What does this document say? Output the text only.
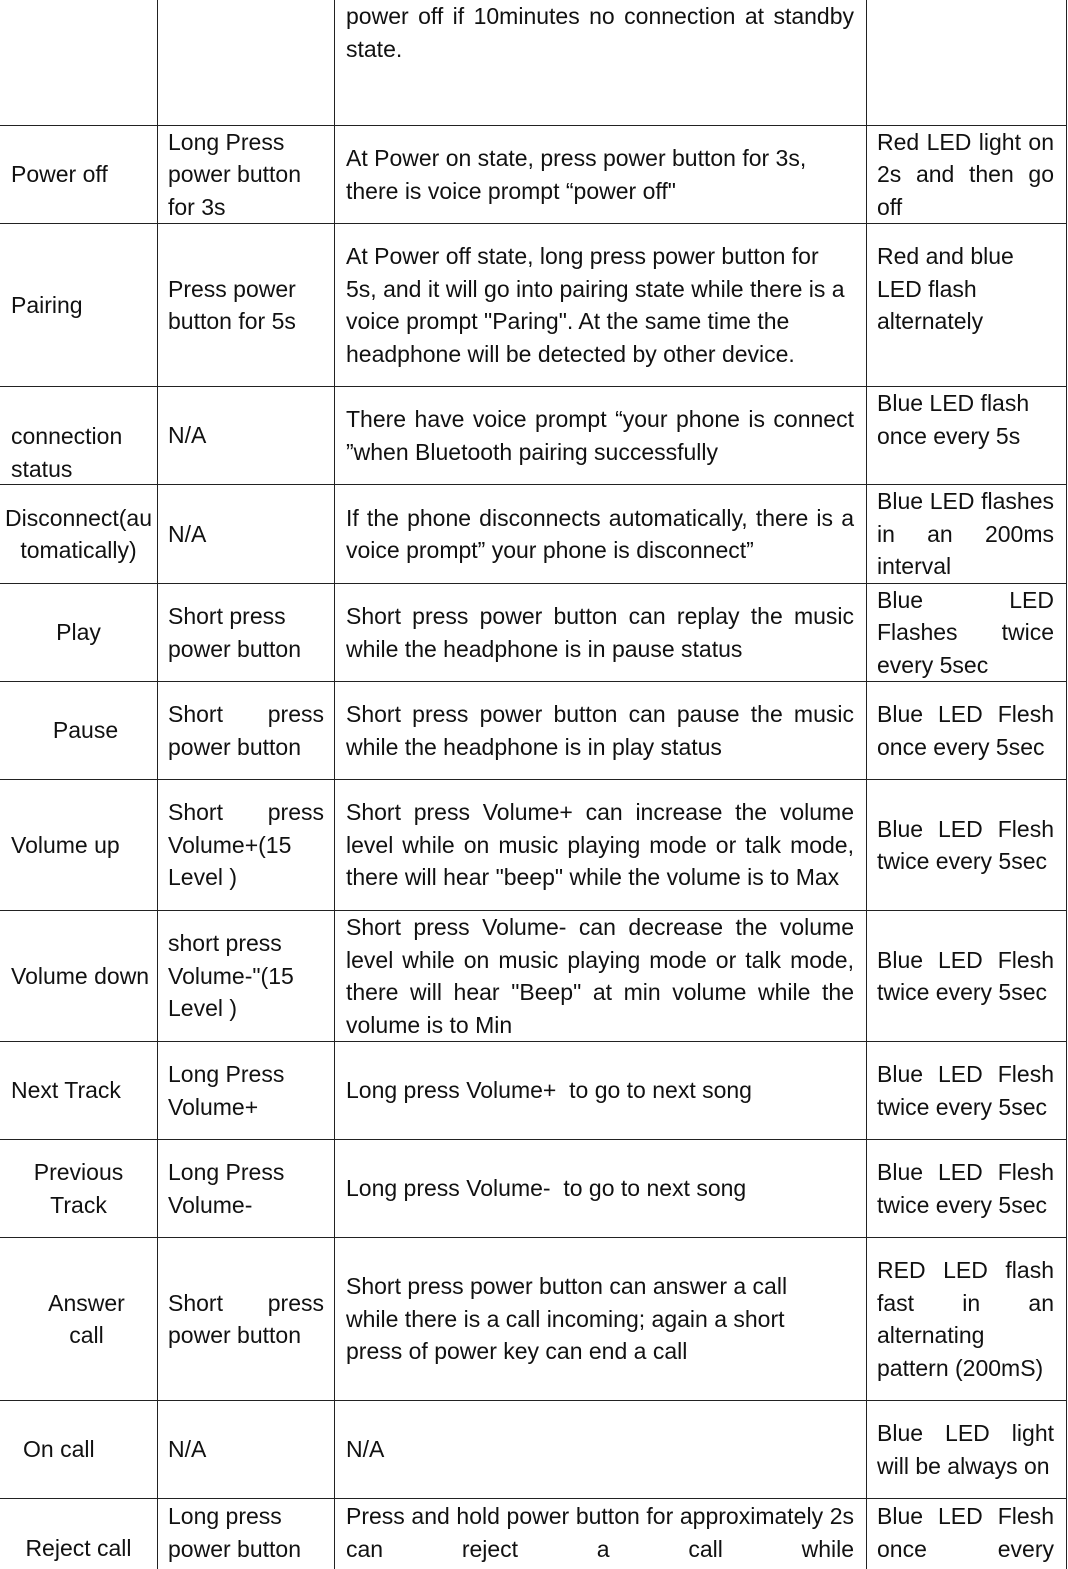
power off if 10minutes no connection at standby state.
Power off
Long Press power button for 3s
At Power on state, press power button for 3s, there is voice prompt “power off"
Red LED light on 2s and then go off
Pairing
Press power button for 5s
At Power off state, long press power button for 5s, and it will go into pairing state while there is a voice prompt "Paring". At the same time the headphone will be detected by other device.
Red and blue LED flash alternately
connection status
N/A
There have voice prompt “your phone is connect ”when Bluetooth pairing successfully
Blue LED flash once every 5s
Disconnect(automatically)
N/A
If the phone disconnects automatically, there is a voice prompt” your phone is disconnect”
Blue LED flashes in an 200ms interval
Play
Short press power button
Short press power button can replay the music while the headphone is in pause status
Blue LED Flashes twice every 5sec
Pause
Short press power button
Short press power button can pause the music while the headphone is in play status
Blue LED Flesh once every 5sec
Volume up
Short press Volume+(15 Level )
Short press Volume+ can increase the volume level while on music playing mode or talk mode, there will hear "beep" while the volume is to Max
Blue LED Flesh twice every 5sec
Volume down
short press Volume-"(15 Level )
Short press Volume- can decrease the volume level while on music playing mode or talk mode, there will hear "Beep" at min volume while the volume is to Min
Blue LED Flesh twice every 5sec
Next Track
Long Press Volume+
Long press Volume+  to go to next song
Blue LED Flesh twice every 5sec
Previous Track
Long Press Volume-
Long press Volume-  to go to next song
Blue LED Flesh twice every 5sec
Answer call
Short press power button
Short press power button can answer a call while there is a call incoming; again a short press of power key can end a call
RED LED flash fast in an alternating pattern (200mS)
On call	N/A	N/A
Blue LED light will be always on
Reject call
Long press power button
Press and hold power button for approximately 2s can reject a call while
Blue LED Flesh once every
